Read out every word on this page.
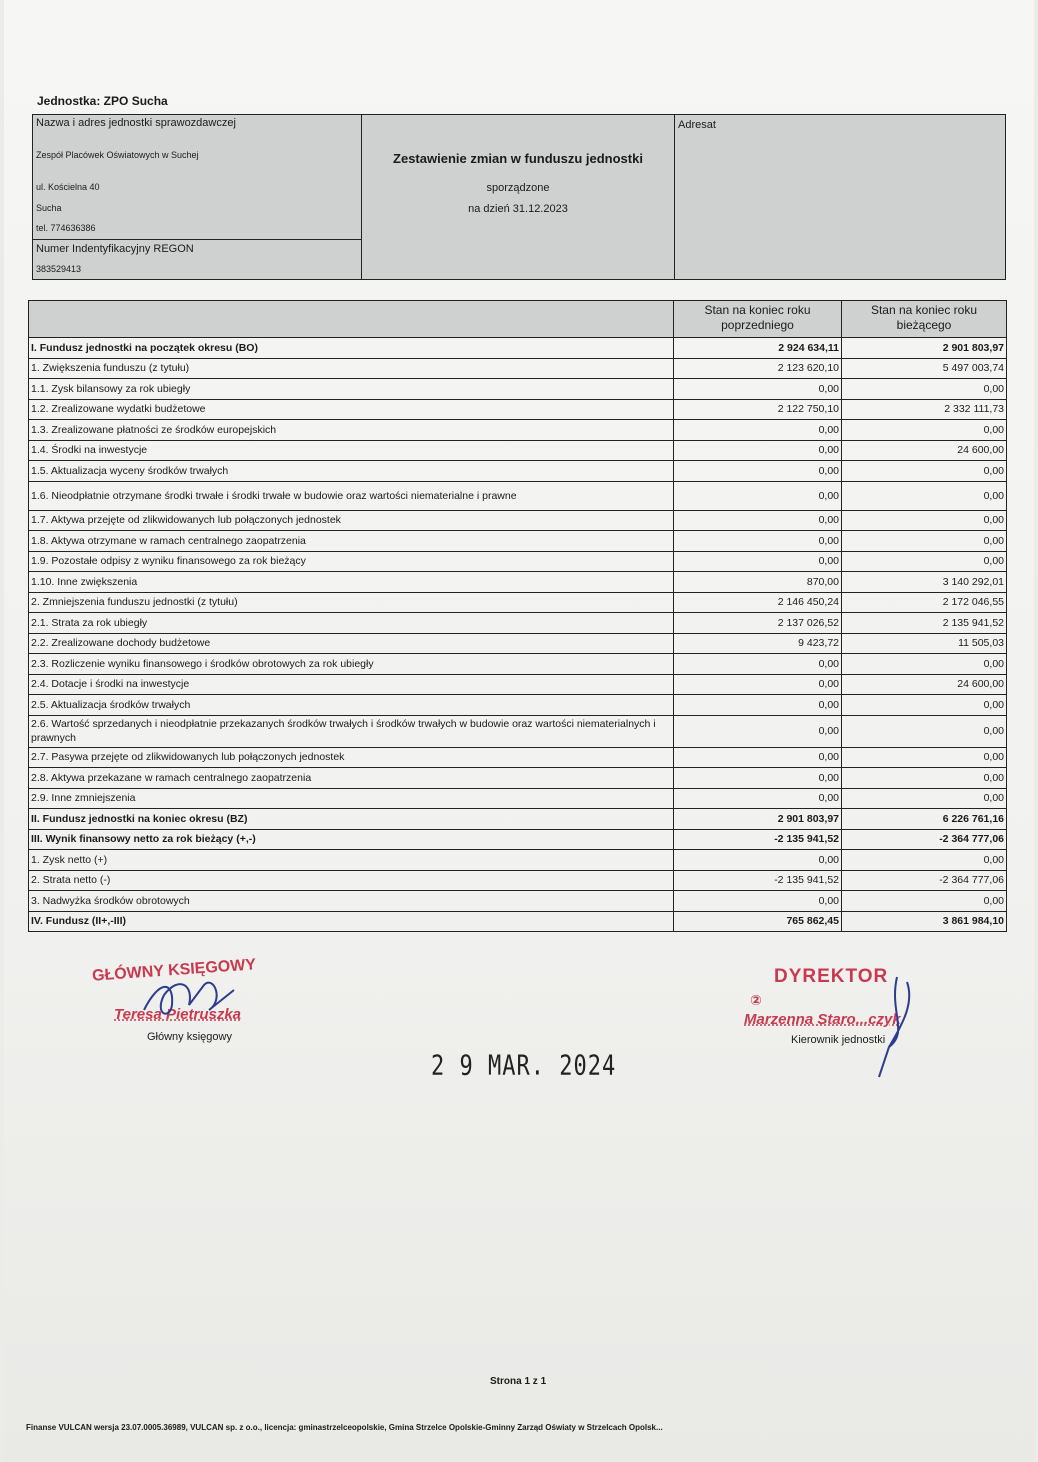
Jednostka: ZPO Sucha
Nazwa i adres jednostki sprawozdawczej
Zespół Placówek Oświatowych w Suchej
ul. Kościelna 40
Sucha
tel. 774636386
Numer Indentyfikacyjny REGON
383529413
Zestawienie zmian w funduszu jednostki
sporządzone
na dzień 31.12.2023
Adresat
	Stan na koniec roku poprzedniego	Stan na koniec roku bieżącego
I. Fundusz jednostki na początek okresu (BO)	2 924 634,11	2 901 803,97
1. Zwiększenia funduszu (z tytułu)	2 123 620,10	5 497 003,74
1.1. Zysk bilansowy za rok ubiegły	0,00	0,00
1.2. Zrealizowane wydatki budżetowe	2 122 750,10	2 332 111,73
1.3. Zrealizowane płatności ze środków europejskich	0,00	0,00
1.4. Środki na inwestycje	0,00	24 600,00
1.5. Aktualizacja wyceny środków trwałych	0,00	0,00
1.6. Nieodpłatnie otrzymane środki trwałe i środki trwałe w budowie oraz wartości niematerialne i prawne	0,00	0,00
1.7. Aktywa przejęte od zlikwidowanych lub połączonych jednostek	0,00	0,00
1.8. Aktywa otrzymane w ramach centralnego zaopatrzenia	0,00	0,00
1.9. Pozostałe odpisy z wyniku finansowego za rok bieżący	0,00	0,00
1.10. Inne zwiększenia	870,00	3 140 292,01
2. Zmniejszenia funduszu jednostki (z tytułu)	2 146 450,24	2 172 046,55
2.1. Strata za rok ubiegły	2 137 026,52	2 135 941,52
2.2. Zrealizowane dochody budżetowe	9 423,72	11 505,03
2.3. Rozliczenie wyniku finansowego i środków obrotowych za rok ubiegły	0,00	0,00
2.4. Dotacje i środki na inwestycje	0,00	24 600,00
2.5. Aktualizacja środków trwałych	0,00	0,00
2.6. Wartość sprzedanych i nieodpłatnie przekazanych środków trwałych i środków trwałych w budowie oraz wartości niematerialnych i prawnych	0,00	0,00
2.7. Pasywa przejęte od zlikwidowanych lub połączonych jednostek	0,00	0,00
2.8. Aktywa przekazane w ramach centralnego zaopatrzenia	0,00	0,00
2.9. Inne zmniejszenia	0,00	0,00
II. Fundusz jednostki na koniec okresu (BZ)	2 901 803,97	6 226 761,16
III. Wynik finansowy netto za rok bieżący (+,-)	-2 135 941,52	-2 364 777,06
1. Zysk netto (+)	0,00	0,00
2. Strata netto (-)	-2 135 941,52	-2 364 777,06
3. Nadwyżka środków obrotowych	0,00	0,00
IV. Fundusz (II+,-III)	765 862,45	3 861 984,10
GŁÓWNY KSIĘGOWY
Teresa Pietruszka
Główny księgowy
DYREKTOR
②
Marzenna Staro...czyk
Kierownik jednostki
2 9 MAR. 2024
Strona 1 z 1
Finanse VULCAN wersja 23.07.0005.36989, VULCAN sp. z o.o., licencja: gminastrzelceopolskie, Gmina Strzelce Opolskie-Gminny Zarząd Oświaty w Strzelcach Opolsk...
